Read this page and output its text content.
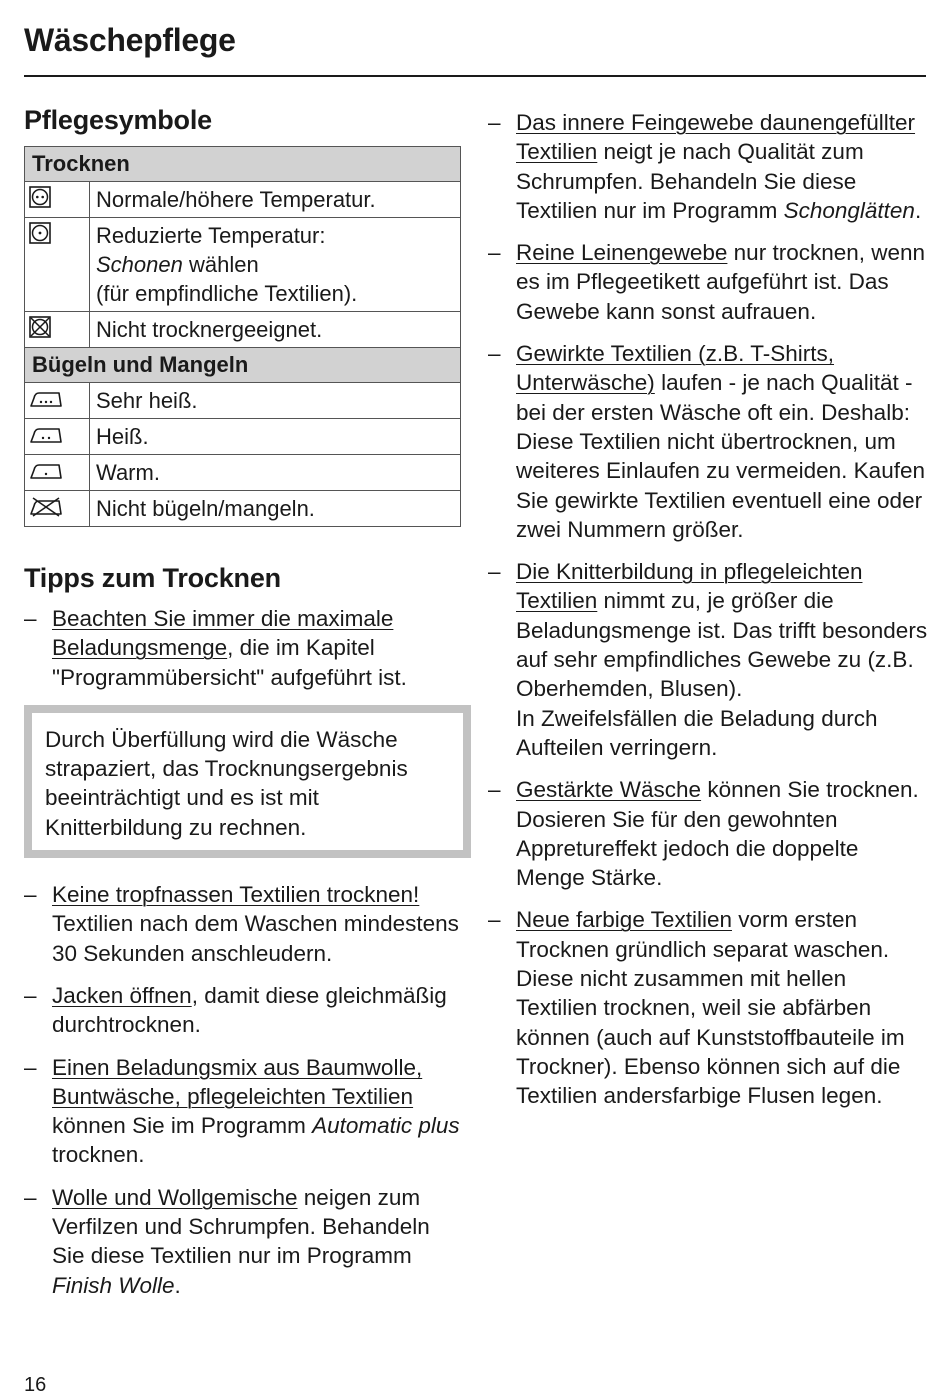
Wäschepflege
Pflegesymbole
Trocknen	

	Normale/höhere Temperatur.

	Reduzierte Temperatur:
Schonen wählen
(für empfindliche Textilien).

	Nicht trocknergeeignet.
Bügeln und Mangeln	

	Sehr heiß.

	Heiß.

	Warm.

	Nicht bügeln/mangeln.
Tipps zum Trocknen
– Beachten Sie immer die maximale Beladungsmenge, die im Kapitel "Programmübersicht" aufgeführt ist.
Durch Überfüllung wird die Wäsche strapaziert, das Trocknungsergebnis beeinträchtigt und es ist mit Knitterbildung zu rechnen.
– Keine tropfnassen Textilien trocknen! Textilien nach dem Waschen mindestens 30 Sekunden anschleudern.
– Jacken öffnen, damit diese gleichmäßig durchtrocknen.
– Einen Beladungsmix aus Baumwolle, Buntwäsche, pflegeleichten Textilien können Sie im Programm Automatic plus trocknen.
– Wolle und Wollgemische neigen zum Verfilzen und Schrumpfen. Behandeln Sie diese Textilien nur im Programm Finish Wolle.
– Das innere Feingewebe daunengefüllter Textilien neigt je nach Qualität zum Schrumpfen. Behandeln Sie diese Textilien nur im Programm Schonglätten.
– Reine Leinengewebe nur trocknen, wenn es im Pflegeetikett aufgeführt ist. Das Gewebe kann sonst aufrauen.
– Gewirkte Textilien (z.B. T-Shirts, Unterwäsche) laufen - je nach Qualität - bei der ersten Wäsche oft ein. Deshalb: Diese Textilien nicht übertrocknen, um weiteres Einlaufen zu vermeiden. Kaufen Sie gewirkte Textilien eventuell eine oder zwei Nummern größer.
– Die Knitterbildung in pflegeleichten Textilien nimmt zu, je größer die Beladungsmenge ist. Das trifft besonders auf sehr empfindliches Gewebe zu (z.B. Oberhemden, Blusen).
In Zweifelsfällen die Beladung durch Aufteilen verringern.
– Gestärkte Wäsche können Sie trocknen. Dosieren Sie für den gewohnten Appretureffekt jedoch die doppelte Menge Stärke.
– Neue farbige Textilien vorm ersten Trocknen gründlich separat waschen. Diese nicht zusammen mit hellen Textilien trocknen, weil sie abfärben können (auch auf Kunststoffbauteile im Trockner). Ebenso können sich auf die Textilien andersfarbige Flusen legen.
16
